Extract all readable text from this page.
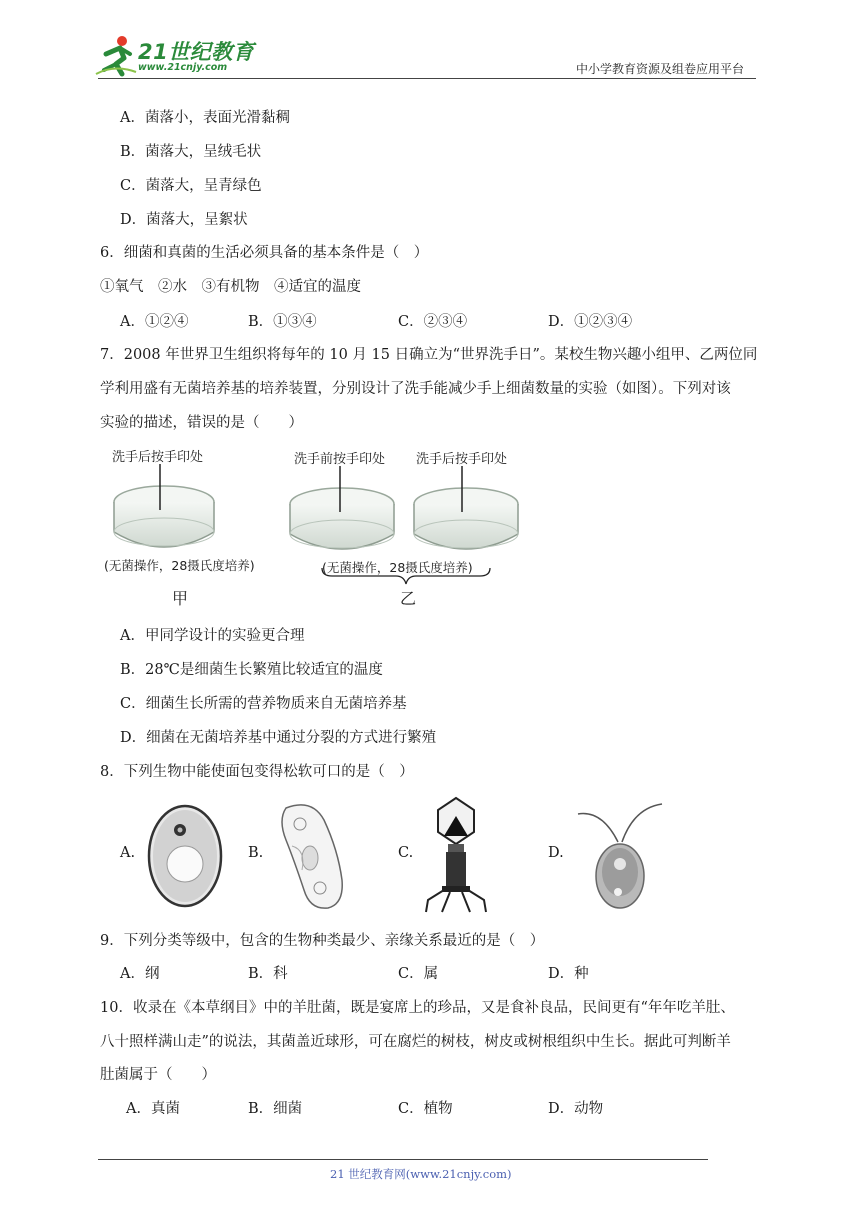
21世纪教育
www.21cnjy.com	中小学教育资源及组卷应用平台
A．菌落小，表面光滑黏稠
B．菌落大，呈绒毛状
C．菌落大，呈青绿色
D．菌落大，呈絮状
6．细菌和真菌的生活必须具备的基本条件是（　）
①氧气　②水　③有机物　④适宜的温度
A．①②④	B．①③④	C．②③④	D．①②③④
7．2008 年世界卫生组织将每年的 10 月 15 日确立为“世界洗手日”。某校生物兴趣小组甲、乙两位同
学利用盛有无菌培养基的培养装置，分别设计了洗手能减少手上细菌数量的实验（如图）。下列对该
实验的描述，错误的是（　　）
洗手后按手印处	洗手前按手印处 洗手后按手印处
(无菌操作，28摄氏度培养)	(无菌操作，28摄氏度培养)
甲	乙
A．甲同学设计的实验更合理
B．28℃是细菌生长繁殖比较适宜的温度
C．细菌生长所需的营养物质来自无菌培养基
D．细菌在无菌培养基中通过分裂的方式进行繁殖
8．下列生物中能使面包变得松软可口的是（　）
A.	B.	C.	D.
9．下列分类等级中，包含的生物种类最少、亲缘关系最近的是（　）
A．纲	B．科	C．属	D．种
10．收录在《本草纲目》中的羊肚菌，既是宴席上的珍品，又是食补良品，民间更有“年年吃羊肚、
八十照样满山走”的说法，其菌盖近球形，可在腐烂的树枝，树皮或树根组织中生长。据此可判断羊
肚菌属于（　　）
A．真菌	B．细菌	C．植物	D．动物
21 世纪教育网(www.21cnjy.com)
